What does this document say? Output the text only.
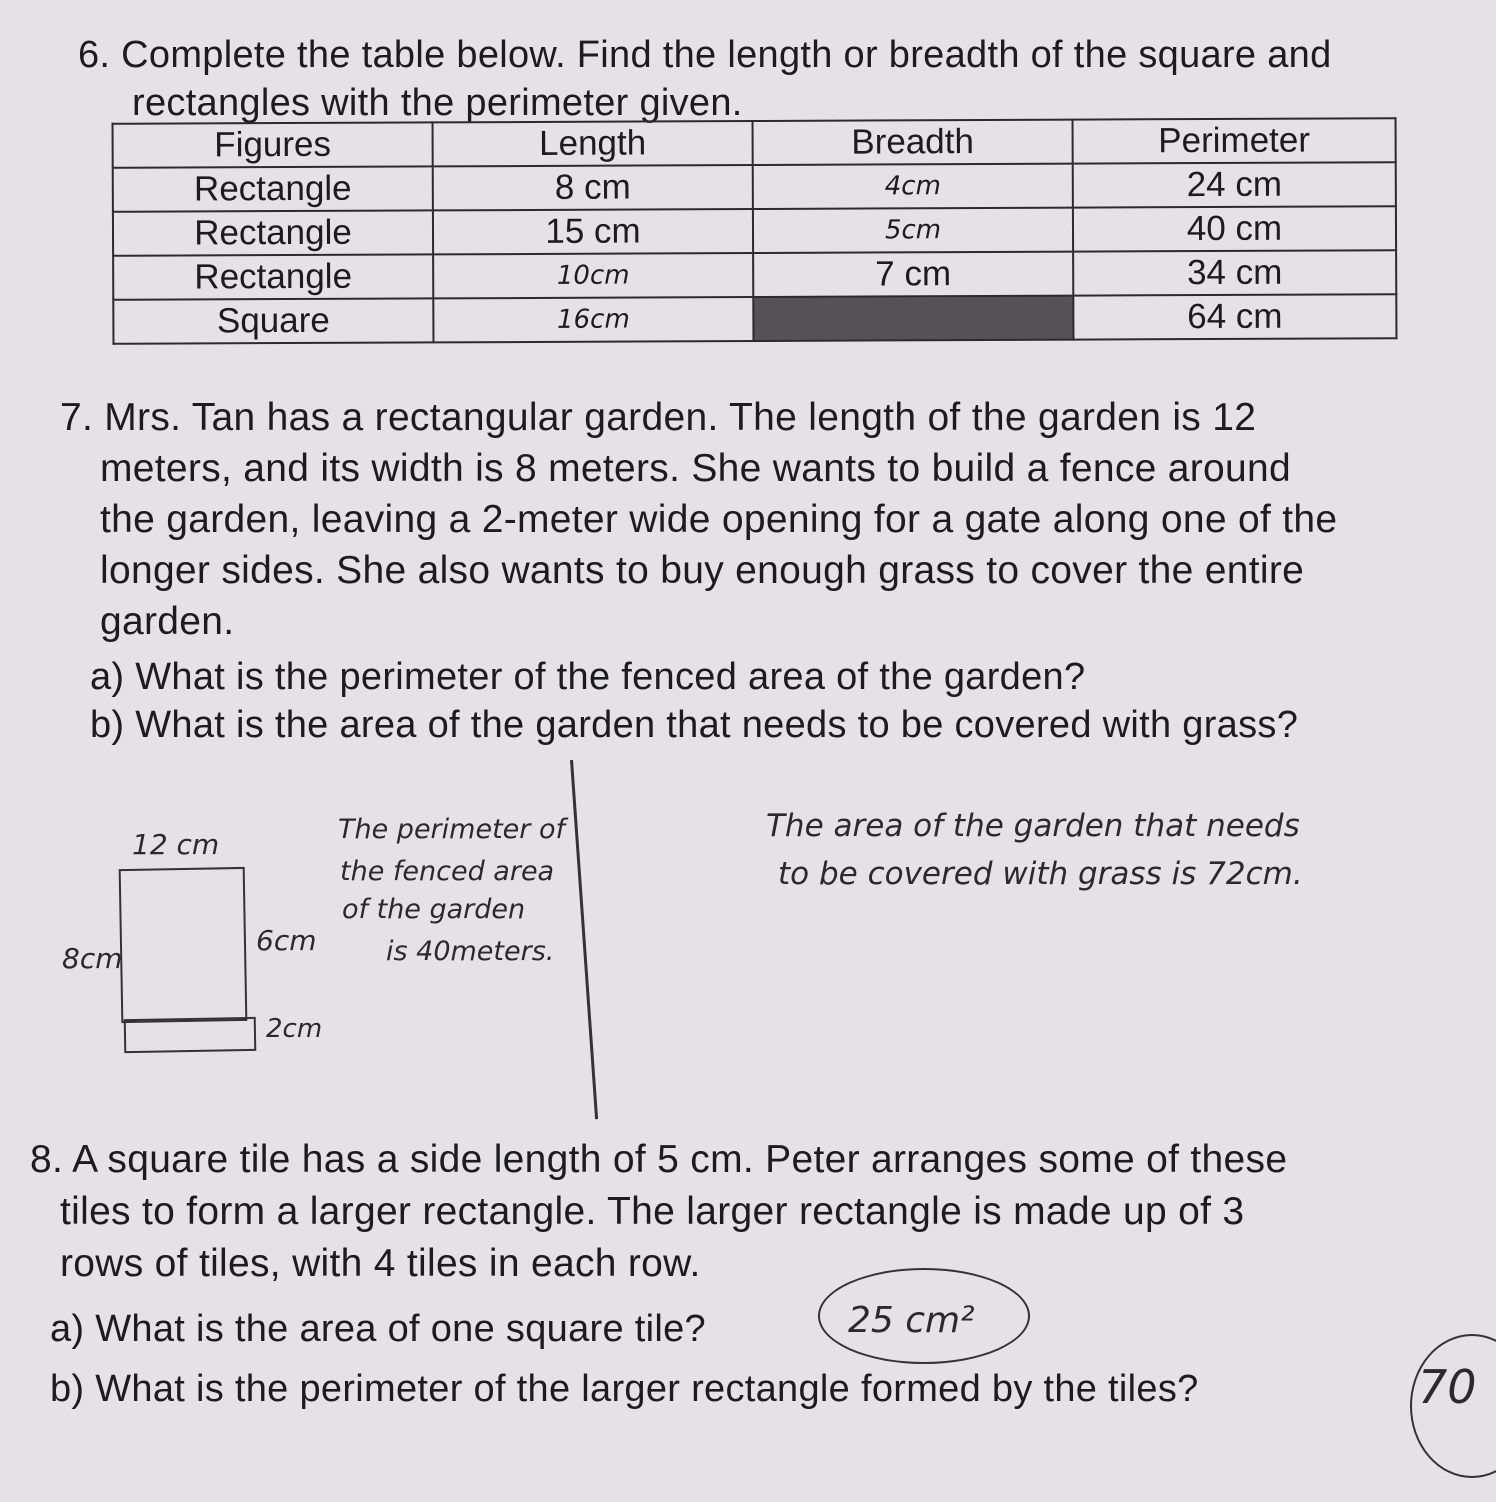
6. Complete the table below. Find the length or breadth of the square and
rectangles with the perimeter given.
Figures	Length	Breadth	Perimeter
Rectangle	8 cm	4cm	24 cm
Rectangle	15 cm	5cm	40 cm
Rectangle	10cm	7 cm	34 cm
Square	16cm		64 cm
7. Mrs. Tan has a rectangular garden. The length of the garden is 12
meters, and its width is 8 meters. She wants to build a fence around
the garden, leaving a 2-meter wide opening for a gate along one of the
longer sides. She also wants to buy enough grass to cover the entire
garden.
a) What is the perimeter of the fenced area of the garden?
b) What is the area of the garden that needs to be covered with grass?
12 cm
8cm
6cm
2cm
The perimeter of
the fenced area
of the garden
is 40meters.
The area of the garden that needs
to be covered with grass is 72cm.
8. A square tile has a side length of 5 cm. Peter arranges some of these
tiles to form a larger rectangle. The larger rectangle is made up of 3
rows of tiles, with 4 tiles in each row.
a) What is the area of one square tile?	25 cm²
b) What is the perimeter of the larger rectangle formed by the tiles?	70
